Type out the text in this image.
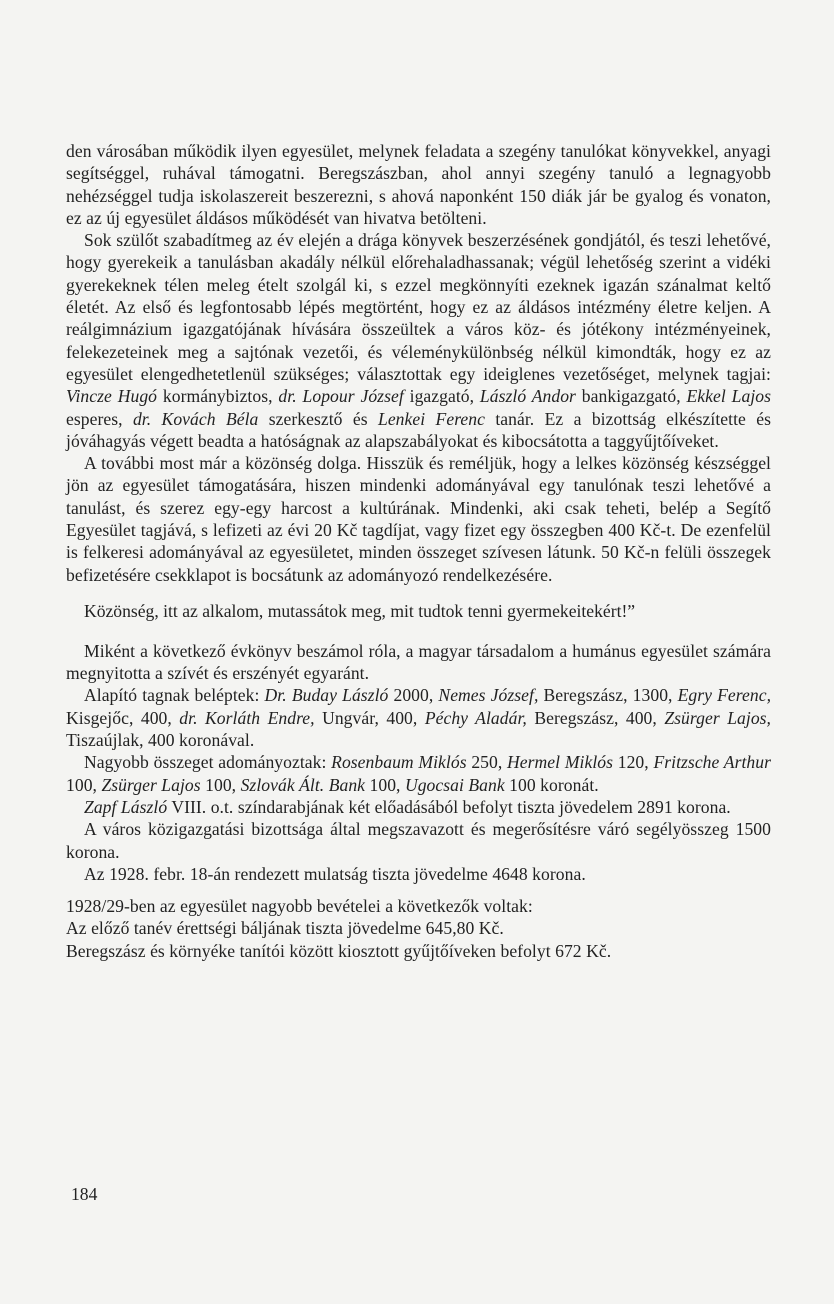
den városában működik ilyen egyesület, melynek feladata a szegény tanulókat könyvekkel, anyagi segítséggel, ruhával támogatni. Beregszászban, ahol annyi szegény tanuló a legnagyobb nehézséggel tudja iskolaszereit beszerezni, s ahová naponként 150 diák jár be gyalog és vonaton, ez az új egyesület áldásos működését van hivatva betölteni.

Sok szülőt szabadítmeg az év elején a drága könyvek beszerzésének gondjától, és teszi lehetővé, hogy gyerekeik a tanulásban akadály nélkül előrehaladhassanak; végül lehetőség szerint a vidéki gyerekeknek télen meleg ételt szolgál ki, s ezzel megkönnyíti ezeknek igazán szánalmat keltő életét. Az első és legfontosabb lépés megtörtént, hogy ez az áldásos intézmény életre keljen. A reálgimnázium igazgatójának hívására összeültek a város köz- és jótékony intézményeinek, felekezeteinek meg a sajtónak vezetői, és véleménykülönbség nélkül kimondták, hogy ez az egyesület elengedhetetlenül szükséges; választottak egy ideiglenes vezetőséget, melynek tagjai: Vincze Hugó kormánybiztos, dr. Lopour József igazgató, László Andor bankigazgató, Ekkel Lajos esperes, dr. Kovách Béla szerkesztő és Lenkei Ferenc tanár. Ez a bizottság elkészítette és jóváhagyás végett beadta a hatóságnak az alapszabályokat és kibocsátotta a taggyűjtőíveket.

A további most már a közönség dolga. Hisszük és reméljük, hogy a lelkes közönség készséggel jön az egyesület támogatására, hiszen mindenki adományával egy tanulónak teszi lehetővé a tanulást, és szerez egy-egy harcost a kultúrának. Mindenki, aki csak teheti, belép a Segítő Egyesület tagjává, s lefizeti az évi 20 Kč tagdíjat, vagy fizet egy összegben 400 Kč-t. De ezenfelül is felkeresi adományával az egyesületet, minden összeget szívesen látunk. 50 Kč-n felüli összegek befizetésére csekklapot is bocsátunk az adományozó rendelkezésére.

Közönség, itt az alkalom, mutassátok meg, mit tudtok tenni gyermekeitekért!”

Miként a következő évkönyv beszámol róla, a magyar társadalom a humánus egyesület számára megnyitotta a szívét és erszényét egyaránt.

Alapító tagnak beléptek: Dr. Buday László 2000, Nemes József, Beregszász, 1300, Egry Ferenc, Kisgejőc, 400, dr. Korláth Endre, Ungvár, 400, Péchy Aladár, Beregszász, 400, Zsürger Lajos, Tiszaújlak, 400 koronával.

Nagyobb összeget adományoztak: Rosenbaum Miklós 250, Hermel Miklós 120, Fritzsche Arthur 100, Zsürger Lajos 100, Szlovák Ált. Bank 100, Ugocsai Bank 100 koronát.

Zapf László VIII. o.t. színdarabjának két előadásából befolyt tiszta jövedelem 2891 korona.

A város közigazgatási bizottsága által megszavazott és megerősítésre váró segélyösszeg 1500 korona.

Az 1928. febr. 18-án rendezett mulatság tiszta jövedelme 4648 korona.

1928/29-ben az egyesület nagyobb bevételei a következők voltak:

Az előző tanév érettségi báljának tiszta jövedelme 645,80 Kč.

Beregszász és környéke tanítói között kiosztott gyűjtőíveken befolyt 672 Kč.

184
